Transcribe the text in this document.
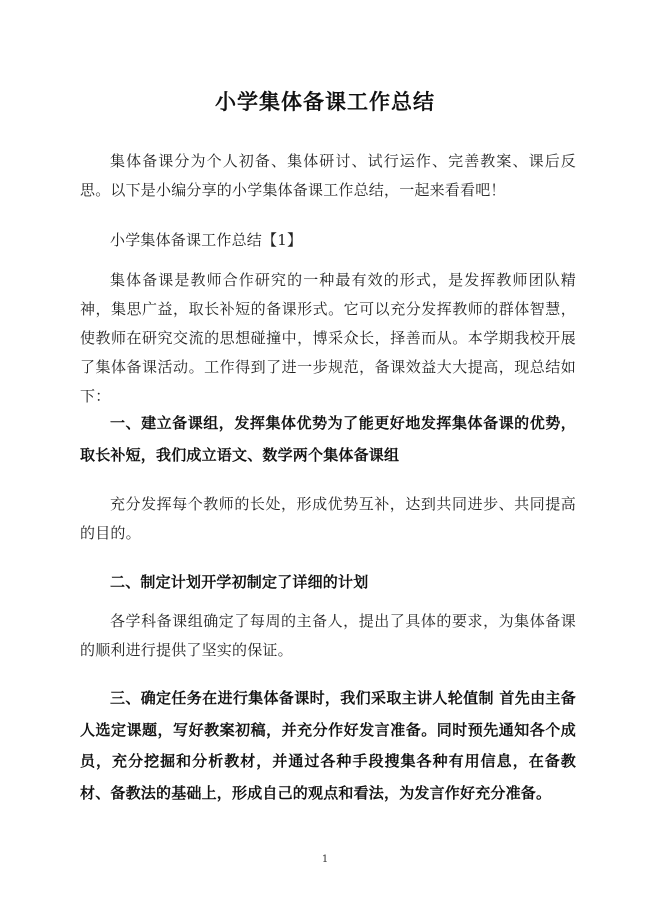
小学集体备课工作总结

集体备课分为个人初备、集体研讨、试行运作、完善教案、课后反思。以下是小编分享的小学集体备课工作总结，一起来看看吧！

小学集体备课工作总结【1】

集体备课是教师合作研究的一种最有效的形式，是发挥教师团队精神，集思广益，取长补短的备课形式。它可以充分发挥教师的群体智慧，使教师在研究交流的思想碰撞中，博采众长，择善而从。本学期我校开展了集体备课活动。工作得到了进一步规范，备课效益大大提高，现总结如下：

一、建立备课组，发挥集体优势为了能更好地发挥集体备课的优势，取长补短，我们成立语文、数学两个集体备课组

充分发挥每个教师的长处，形成优势互补，达到共同进步、共同提高的目的。

二、制定计划开学初制定了详细的计划

各学科备课组确定了每周的主备人，提出了具体的要求，为集体备课的顺利进行提供了坚实的保证。

三、确定任务在进行集体备课时，我们采取主讲人轮值制 首先由主备人选定课题，写好教案初稿，并充分作好发言准备。同时预先通知各个成员，充分挖掘和分析教材，并通过各种手段搜集各种有用信息，在备教材、备教法的基础上，形成自己的观点和看法，为发言作好充分准备。

1
